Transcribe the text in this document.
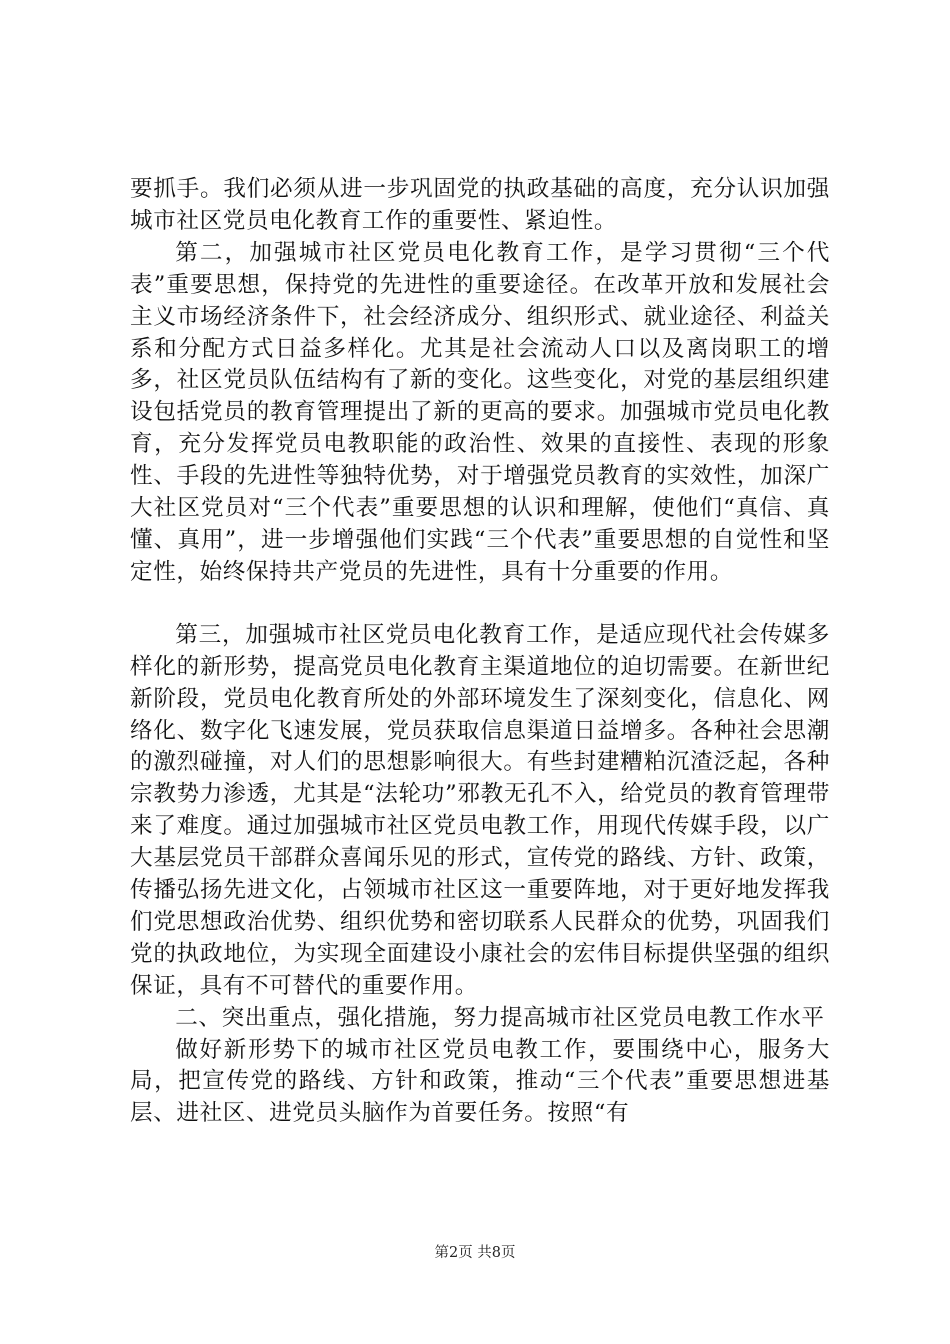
要抓手。我们必须从进一步巩固党的执政基础的高度，充分认识加强城市社区党员电化教育工作的重要性、紧迫性。

第二，加强城市社区党员电化教育工作，是学习贯彻“三个代表”重要思想，保持党的先进性的重要途径。在改革开放和发展社会主义市场经济条件下，社会经济成分、组织形式、就业途径、利益关系和分配方式日益多样化。尤其是社会流动人口以及离岗职工的增多，社区党员队伍结构有了新的变化。这些变化，对党的基层组织建设包括党员的教育管理提出了新的更高的要求。加强城市党员电化教育，充分发挥党员电教职能的政治性、效果的直接性、表现的形象性、手段的先进性等独特优势，对于增强党员教育的实效性，加深广大社区党员对“三个代表”重要思想的认识和理解，使他们“真信、真懂、真用”，进一步增强他们实践“三个代表”重要思想的自觉性和坚定性，始终保持共产党员的先进性，具有十分重要的作用。

第三，加强城市社区党员电化教育工作，是适应现代社会传媒多样化的新形势，提高党员电化教育主渠道地位的迫切需要。在新世纪新阶段，党员电化教育所处的外部环境发生了深刻变化，信息化、网络化、数字化飞速发展，党员获取信息渠道日益增多。各种社会思潮的激烈碰撞，对人们的思想影响很大。有些封建糟粕沉渣泛起，各种宗教势力渗透，尤其是“法轮功”邪教无孔不入，给党员的教育管理带来了难度。通过加强城市社区党员电教工作，用现代传媒手段，以广大基层党员干部群众喜闻乐见的形式，宣传党的路线、方针、政策，传播弘扬先进文化，占领城市社区这一重要阵地，对于更好地发挥我们党思想政治优势、组织优势和密切联系人民群众的优势，巩固我们党的执政地位，为实现全面建设小康社会的宏伟目标提供坚强的组织保证，具有不可替代的重要作用。

二、突出重点，强化措施，努力提高城市社区党员电教工作水平

做好新形势下的城市社区党员电教工作，要围绕中心，服务大局，把宣传党的路线、方针和政策，推动“三个代表”重要思想进基层、进社区、进党员头脑作为首要任务。按照“有

第2页 共8页
